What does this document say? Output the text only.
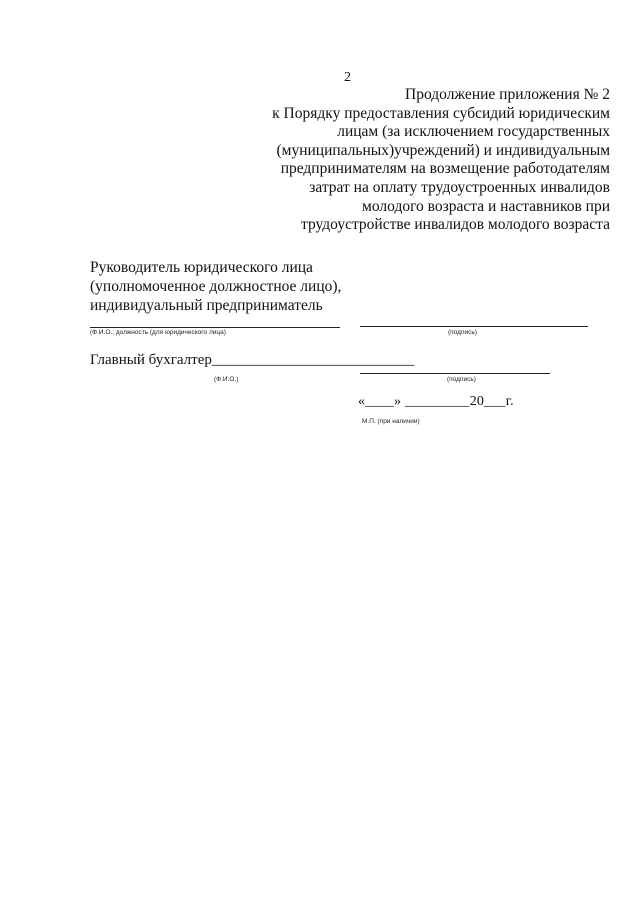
2
Продолжение приложения № 2
к Порядку предоставления субсидий юридическим
лицам (за исключением государственных
(муниципальных)учреждений) и индивидуальным
предпринимателям на возмещение работодателям
затрат на оплату трудоустроенных инвалидов
молодого возраста и наставников при
трудоустройстве инвалидов молодого возраста
Руководитель юридического лица
(уполномоченное должностное лицо),
индивидуальный предприниматель
(Ф.И.О., должность (для юридического лица)	(подпись)
Главный бухгалтер___________________________
(Ф.И.О.)	(подпись)
«____» _________20___г.
М.П. (при наличии)
